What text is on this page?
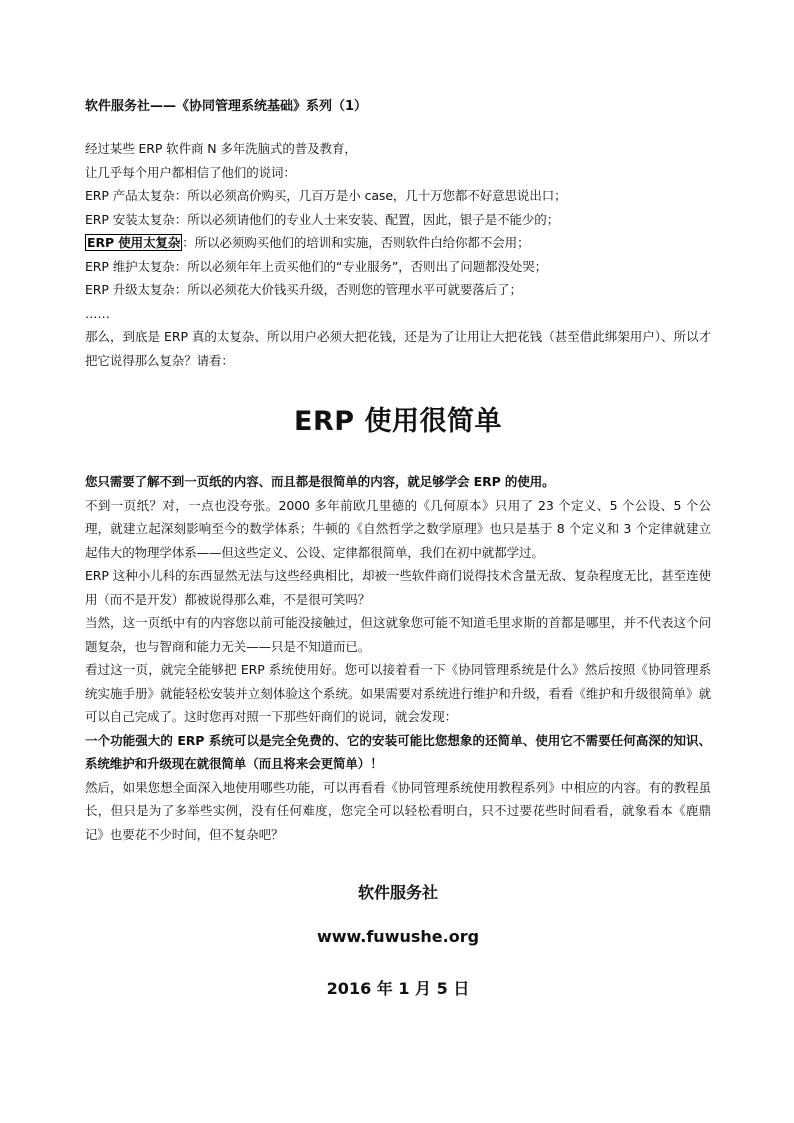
软件服务社——《协同管理系统基础》系列（1）

经过某些 ERP 软件商 N 多年洗脑式的普及教育，

让几乎每个用户都相信了他们的说词：

ERP 产品太复杂：所以必须高价购买，几百万是小 case，几十万您都不好意思说出口；

ERP 安装太复杂：所以必须请他们的专业人士来安装、配置，因此，银子是不能少的；

ERP 使用太复杂 ：所以必须购买他们的培训和实施，否则软件白给你都不会用；

ERP 维护太复杂：所以必须年年上贡买他们的“专业服务”，否则出了问题都没处哭；

ERP 升级太复杂：所以必须花大价钱买升级，否则您的管理水平可就要落后了；

……

那么，到底是 ERP 真的太复杂、所以用户必须大把花钱，还是为了让用让大把花钱（甚至借此绑架用户）、所以才把它说得那么复杂？请看：

ERP 使用很简单

您只需要了解不到一页纸的内容、而且都是很简单的内容，就足够学会 ERP 的使用。

不到一页纸？对，一点也没夸张。2000 多年前欧几里德的《几何原本》只用了 23 个定义、5 个公设、5 个公理，就建立起深刻影响至今的数学体系；牛顿的《自然哲学之数学原理》也只是基于 8 个定义和 3 个定律就建立起伟大的物理学体系——但这些定义、公设、定律都很简单，我们在初中就都学过。

ERP 这种小儿科的东西显然无法与这些经典相比，却被一些软件商们说得技术含量无敌、复杂程度无比，甚至连使用（而不是开发）都被说得那么难，不是很可笑吗？

当然，这一页纸中有的内容您以前可能没接触过，但这就象您可能不知道毛里求斯的首都是哪里，并不代表这个问题复杂，也与智商和能力无关——只是不知道而已。

看过这一页，就完全能够把 ERP 系统使用好。您可以接着看一下《协同管理系统是什么》然后按照《协同管理系统实施手册》就能轻松安装并立刻体验这个系统。如果需要对系统进行维护和升级，看看《维护和升级很简单》就可以自己完成了。这时您再对照一下那些奸商们的说词，就会发现：

一个功能强大的 ERP 系统可以是完全免费的、它的安装可能比您想象的还简单、使用它不需要任何高深的知识、系统维护和升级现在就很简单（而且将来会更简单）！

然后，如果您想全面深入地使用哪些功能，可以再看看《协同管理系统使用教程系列》中相应的内容。有的教程虽长，但只是为了多举些实例，没有任何难度，您完全可以轻松看明白，只不过要花些时间看看，就象看本《鹿鼎记》也要花不少时间，但不复杂吧？

软件服务社

www.fuwushe.org

2016 年 1 月 5 日
